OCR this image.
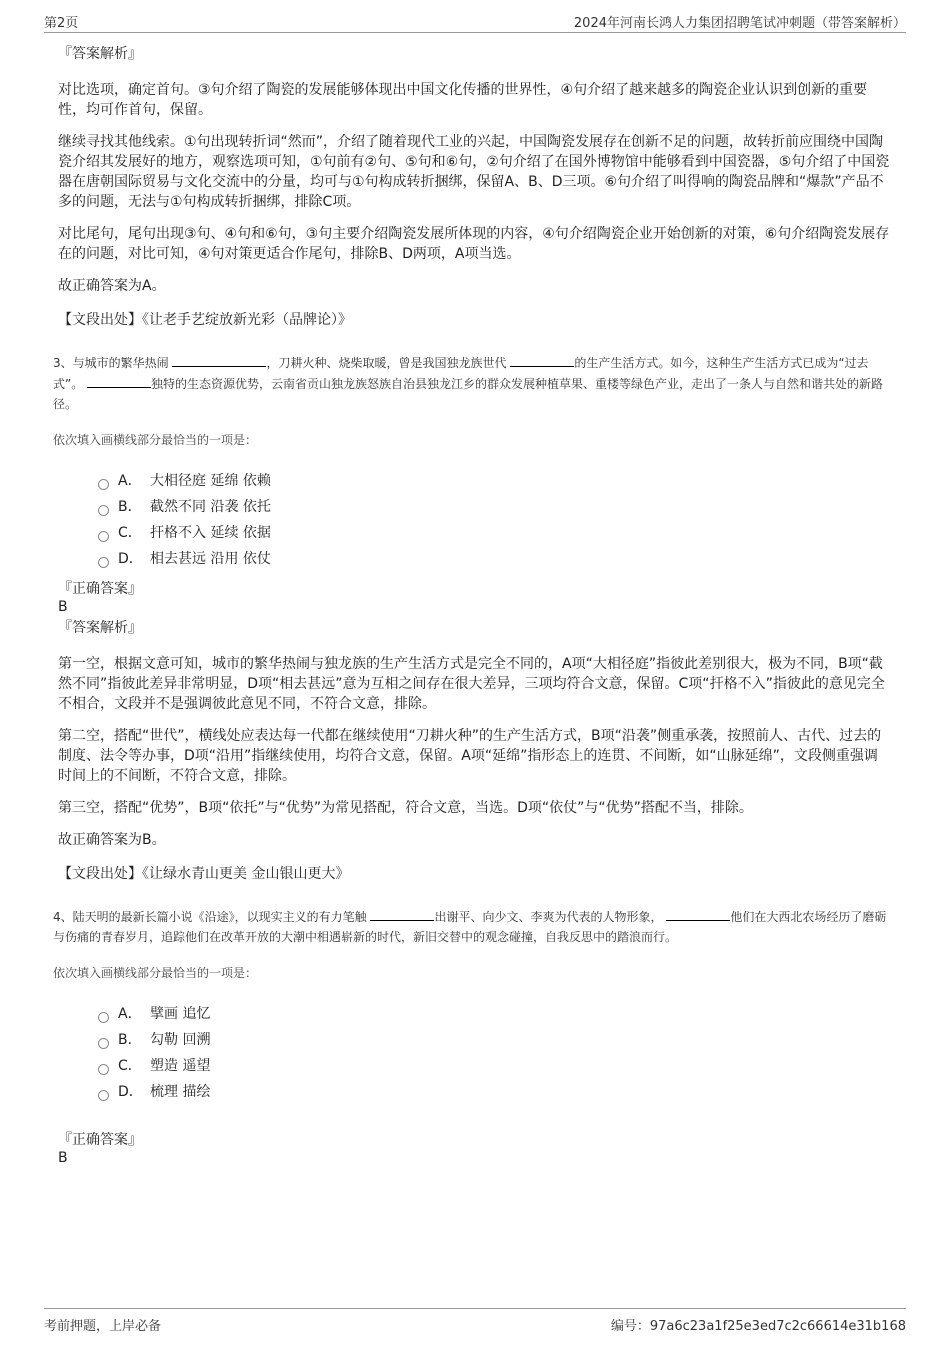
第2页	2024年河南长鸿人力集团招聘笔试冲刺题（带答案解析）
『答案解析』

对比选项，确定首句。③句介绍了陶瓷的发展能够体现出中国文化传播的世界性，④句介绍了越来越多的陶瓷企业认识到创新的重要性，均可作首句，保留。

继续寻找其他线索。①句出现转折词“然而”，介绍了随着现代工业的兴起，中国陶瓷发展存在创新不足的问题，故转折前应围绕中国陶瓷介绍其发展好的地方，观察选项可知，①句前有②句、⑤句和⑥句，②句介绍了在国外博物馆中能够看到中国瓷器，⑤句介绍了中国瓷器在唐朝国际贸易与文化交流中的分量，均可与①句构成转折捆绑，保留A、B、D三项。⑥句介绍了叫得响的陶瓷品牌和“爆款”产品不多的问题，无法与①句构成转折捆绑，排除C项。

对比尾句，尾句出现③句、④句和⑥句，③句主要介绍陶瓷发展所体现的内容，④句介绍陶瓷企业开始创新的对策，⑥句介绍陶瓷发展存在的问题，对比可知，④句对策更适合作尾句，排除B、D两项，A项当选。

故正确答案为A。

【文段出处】《让老手艺绽放新光彩（品牌论）》
3、与城市的繁华热闹	，刀耕火种、烧柴取暖，曾是我国独龙族世代	的生产生活方式。如今，这种生产生活方式已成为“过去式”。	独特的生态资源优势，云南省贡山独龙族怒族自治县独龙江乡的群众发展种植草果、重楼等绿色产业，走出了一条人与自然和谐共处的新路径。
依次填入画横线部分最恰当的一项是：
A． 大相径庭 延绵 依赖
B． 截然不同 沿袭 依托
C． 扞格不入 延续 依据
D． 相去甚远 沿用 依仗
『正确答案』
B
『答案解析』

第一空，根据文意可知，城市的繁华热闹与独龙族的生产生活方式是完全不同的，A项“大相径庭”指彼此差别很大，极为不同，B项“截然不同”指彼此差异非常明显，D项“相去甚远”意为互相之间存在很大差异，三项均符合文意，保留。C项“扞格不入”指彼此的意见完全不相合，文段并不是强调彼此意见不同，不符合文意，排除。

第二空，搭配“世代”，横线处应表达每一代都在继续使用“刀耕火种”的生产生活方式，B项“沿袭”侧重承袭，按照前人、古代、过去的制度、法令等办事，D项“沿用”指继续使用，均符合文意，保留。A项“延绵”指形态上的连贯、不间断，如“山脉延绵”，文段侧重强调时间上的不间断，不符合文意，排除。

第三空，搭配“优势”，B项“依托”与“优势”为常见搭配，符合文意，当选。D项“依仗”与“优势”搭配不当，排除。

故正确答案为B。

【文段出处】《让绿水青山更美 金山银山更大》
4、陆天明的最新长篇小说《沿途》，以现实主义的有力笔触	出谢平、向少文、李爽为代表的人物形象，	他们在大西北农场经历了磨砺与伤痛的青春岁月，追踪他们在改革开放的大潮中相遇崭新的时代，新旧交替中的观念碰撞，自我反思中的踏浪而行。
依次填入画横线部分最恰当的一项是：
A． 擘画 追忆
B． 勾勒 回溯
C． 塑造 遥望
D． 梳理 描绘
『正确答案』
B
考前押题，上岸必备	编号：97a6c23a1f25e3ed7c2c66614e31b168
